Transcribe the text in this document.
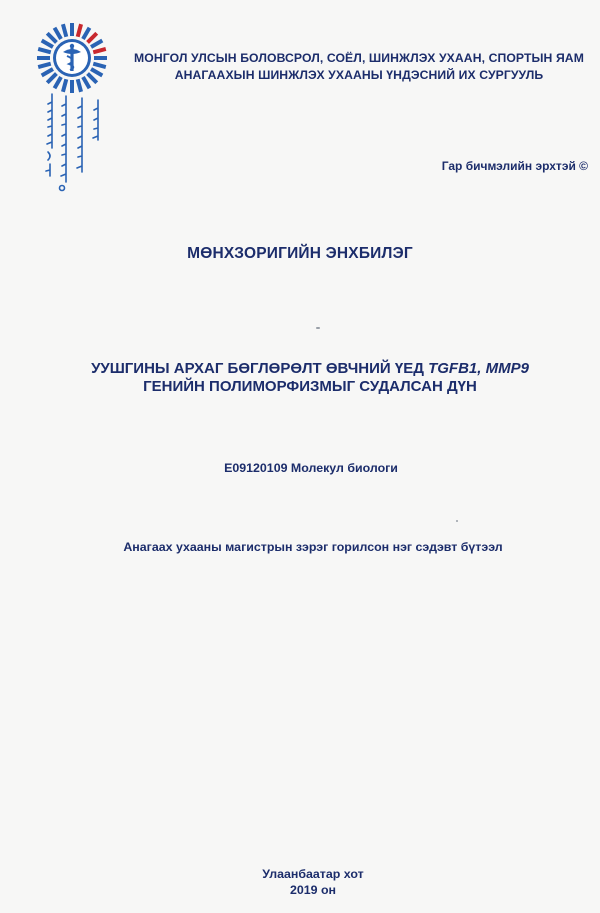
МОНГОЛ УЛСЫН БОЛОВСРОЛ, СОЁЛ, ШИНЖЛЭХ УХААН, СПОРТЫН ЯАМ
АНАГААХЫН ШИНЖЛЭХ УХААНЫ ҮНДЭСНИЙ ИХ СУРГУУЛЬ
Гар бичмэлийн эрхтэй ©
МӨНХЗОРИГИЙН ЭНХБИЛЭГ
УУШГИНЫ АРХАГ БӨГЛӨРӨЛТ ӨВЧНИЙ ҮЕД TGFB1, MMP9
ГЕНИЙН ПОЛИМОРФИЗМЫГ СУДАЛСАН ДҮН
E09120109 Молекул биологи
Анагаах ухааны магистрын зэрэг горилсон нэг сэдэвт бүтээл
Улаанбаатар хот
2019 он
